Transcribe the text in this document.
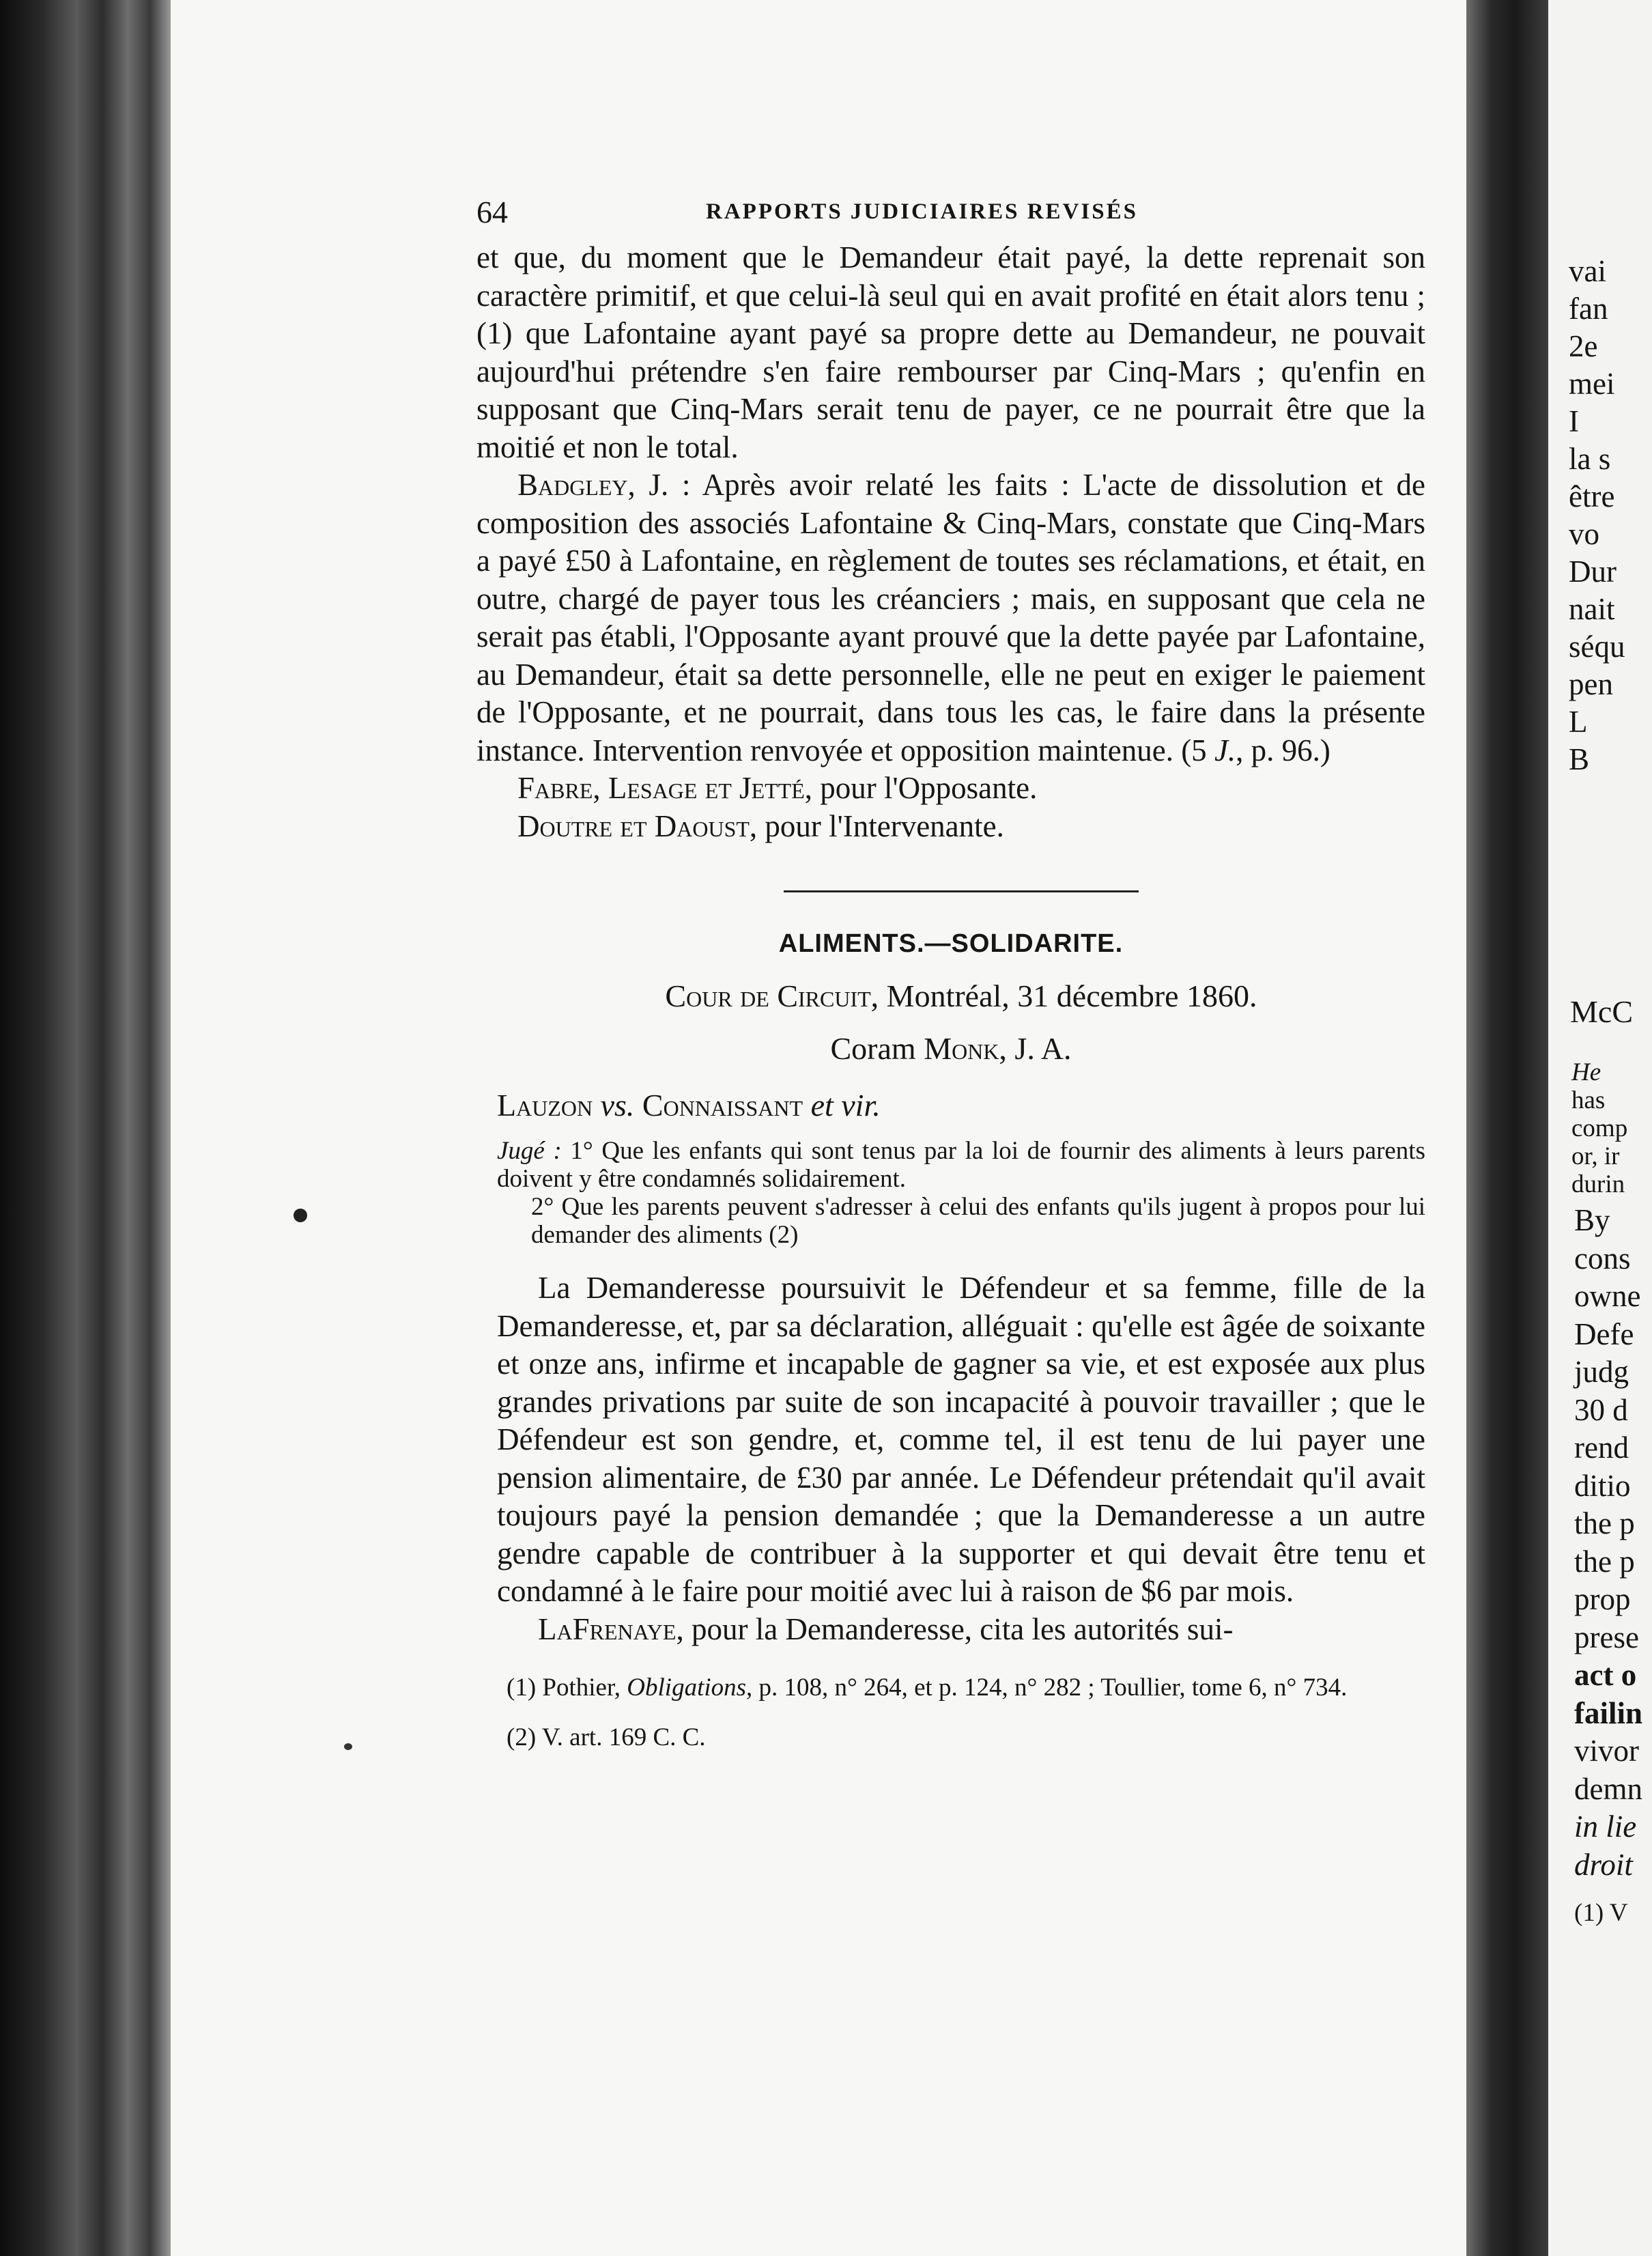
64	RAPPORTS JUDICIAIRES REVISÉS

et que, du moment que le Demandeur était payé, la dette reprenait son caractère primitif, et que celui-là seul qui en avait profité en était alors tenu ; (1) que Lafontaine ayant payé sa propre dette au Demandeur, ne pouvait aujourd'hui prétendre s'en faire rembourser par Cinq-Mars ; qu'enfin en supposant que Cinq-Mars serait tenu de payer, ce ne pourrait être que la moitié et non le total.

Badgley, J. : Après avoir relaté les faits : L'acte de dissolution et de composition des associés Lafontaine & Cinq-Mars, constate que Cinq-Mars a payé £50 à Lafontaine, en règlement de toutes ses réclamations, et était, en outre, chargé de payer tous les créanciers ; mais, en supposant que cela ne serait pas établi, l'Opposante ayant prouvé que la dette payée par Lafontaine, au Demandeur, était sa dette personnelle, elle ne peut en exiger le paiement de l'Opposante, et ne pourrait, dans tous les cas, le faire dans la présente instance. Intervention renvoyée et opposition maintenue. (5 J., p. 96.)

Fabre, Lesage et Jetté, pour l'Opposante.

Doutre et Daoust, pour l'Intervenante.

ALIMENTS.—SOLIDARITE.
Cour de Circuit, Montréal, 31 décembre 1860.
Coram Monk, J. A.
Lauzon vs. Connaissant et vir.
Jugé : 1° Que les enfants qui sont tenus par la loi de fournir des aliments à leurs parents doivent y être condamnés solidairement.
2° Que les parents peuvent s'adresser à celui des enfants qu'ils jugent à propos pour lui demander des aliments (2)

La Demanderesse poursuivit le Défendeur et sa femme, fille de la Demanderesse, et, par sa déclaration, alléguait : qu'elle est âgée de soixante et onze ans, infirme et incapable de gagner sa vie, et est exposée aux plus grandes privations par suite de son incapacité à pouvoir travailler ; que le Défendeur est son gendre, et, comme tel, il est tenu de lui payer une pension alimentaire, de £30 par année. Le Défendeur prétendait qu'il avait toujours payé la pension demandée ; que la Demanderesse a un autre gendre capable de contribuer à la supporter et qui devait être tenu et condamné à le faire pour moitié avec lui à raison de $6 par mois.

LaFrenaye, pour la Demanderesse, cita les autorités sui-

(1) Pothier, Obligations, p. 108, n° 264, et p. 124, n° 282 ; Toullier, tome 6, n° 734.

(2) V. art. 169 C. C.

vai
fan
2e
mei
I
la s
être
vo
Dur
nait
séqu
pen
L
B
McC
He
has
comp
or, ir
durin
By
cons
owne
Defe
judg
30 d
rend
ditio
the p
the p
prop
prese
act o
failin
vivor
demn
in lie
droit
(1) V
